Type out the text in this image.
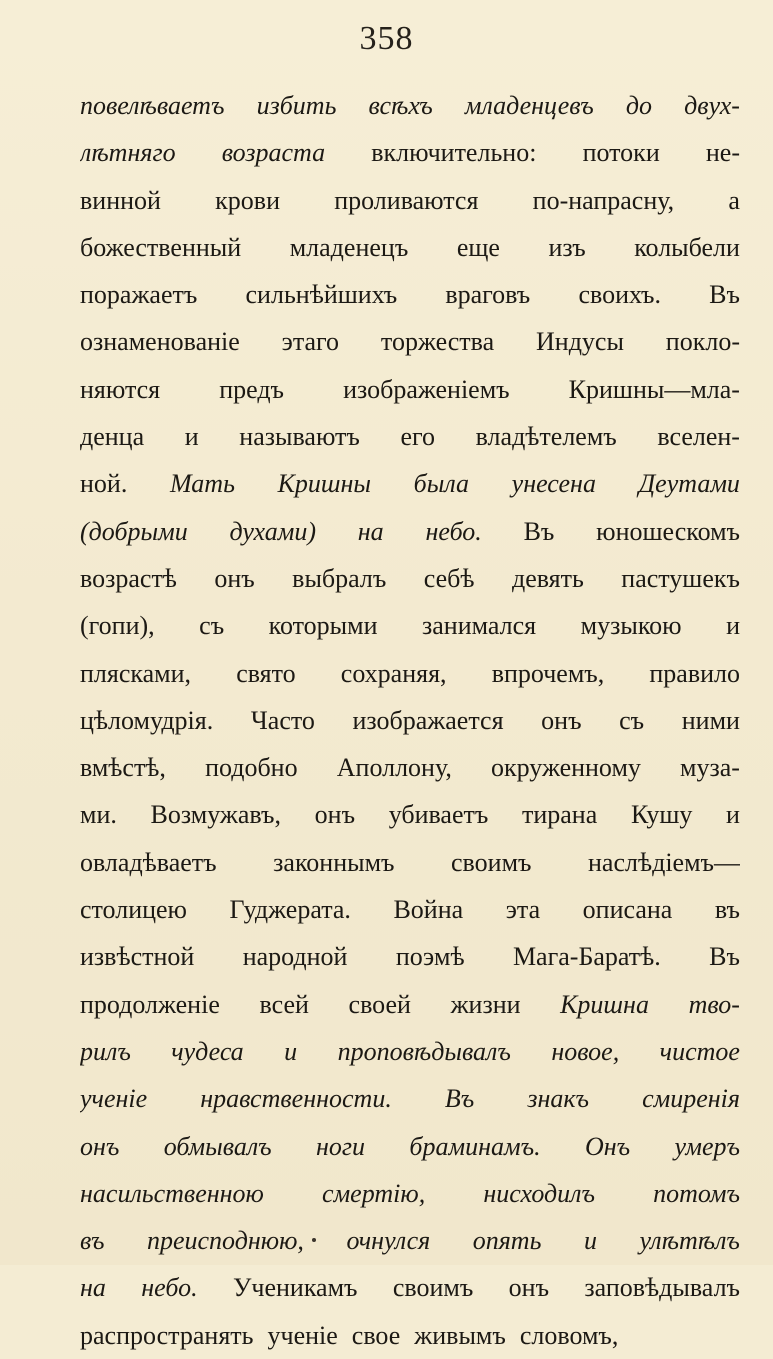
358
повелѣваетъ избить всѣхъ младенцевъ до двух-
лѣтняго возраста включительно: потоки не-
винной крови проливаются по-напрасну, а
божественный младенецъ еще изъ колыбели
поражаетъ сильнѣйшихъ враговъ своихъ. Въ
ознаменованіе этаго торжества Индусы покло-
няются предъ изображеніемъ Кришны—мла-
денца и называютъ его владѣтелемъ вселен-
ной. Мать Кришны была унесена Деутами
(добрыми духами) на небо. Въ юношескомъ
возрастѣ онъ выбралъ себѣ девять пастушекъ
(гопи), съ которыми занимался музыкою и
плясками, свято сохраняя, впрочемъ, правило
цѣломудрія. Часто изображается онъ съ ними
вмѣстѣ, подобно Аполлону, окруженному муза-
ми. Возмужавъ, онъ убиваетъ тирана Кушу и
овладѣваетъ законнымъ своимъ наслѣдіемъ—
столицею Гуджерата. Война эта описана въ
извѣстной народной поэмѣ Мага-Баратѣ. Въ
продолженіе всей своей жизни Кришна тво-
рилъ чудеса и проповѣдывалъ новое, чистое
ученіе нравственности. Въ знакъ смиренія
онъ обмывалъ ноги браминамъ. Онъ умеръ
насильственною смертію, нисходилъ потомъ
въ преисподнюю, очнулся опять и улѣтѣлъ
на небо. Ученикамъ своимъ онъ заповѣдывалъ
распространять ученіе свое живымъ словомъ,
